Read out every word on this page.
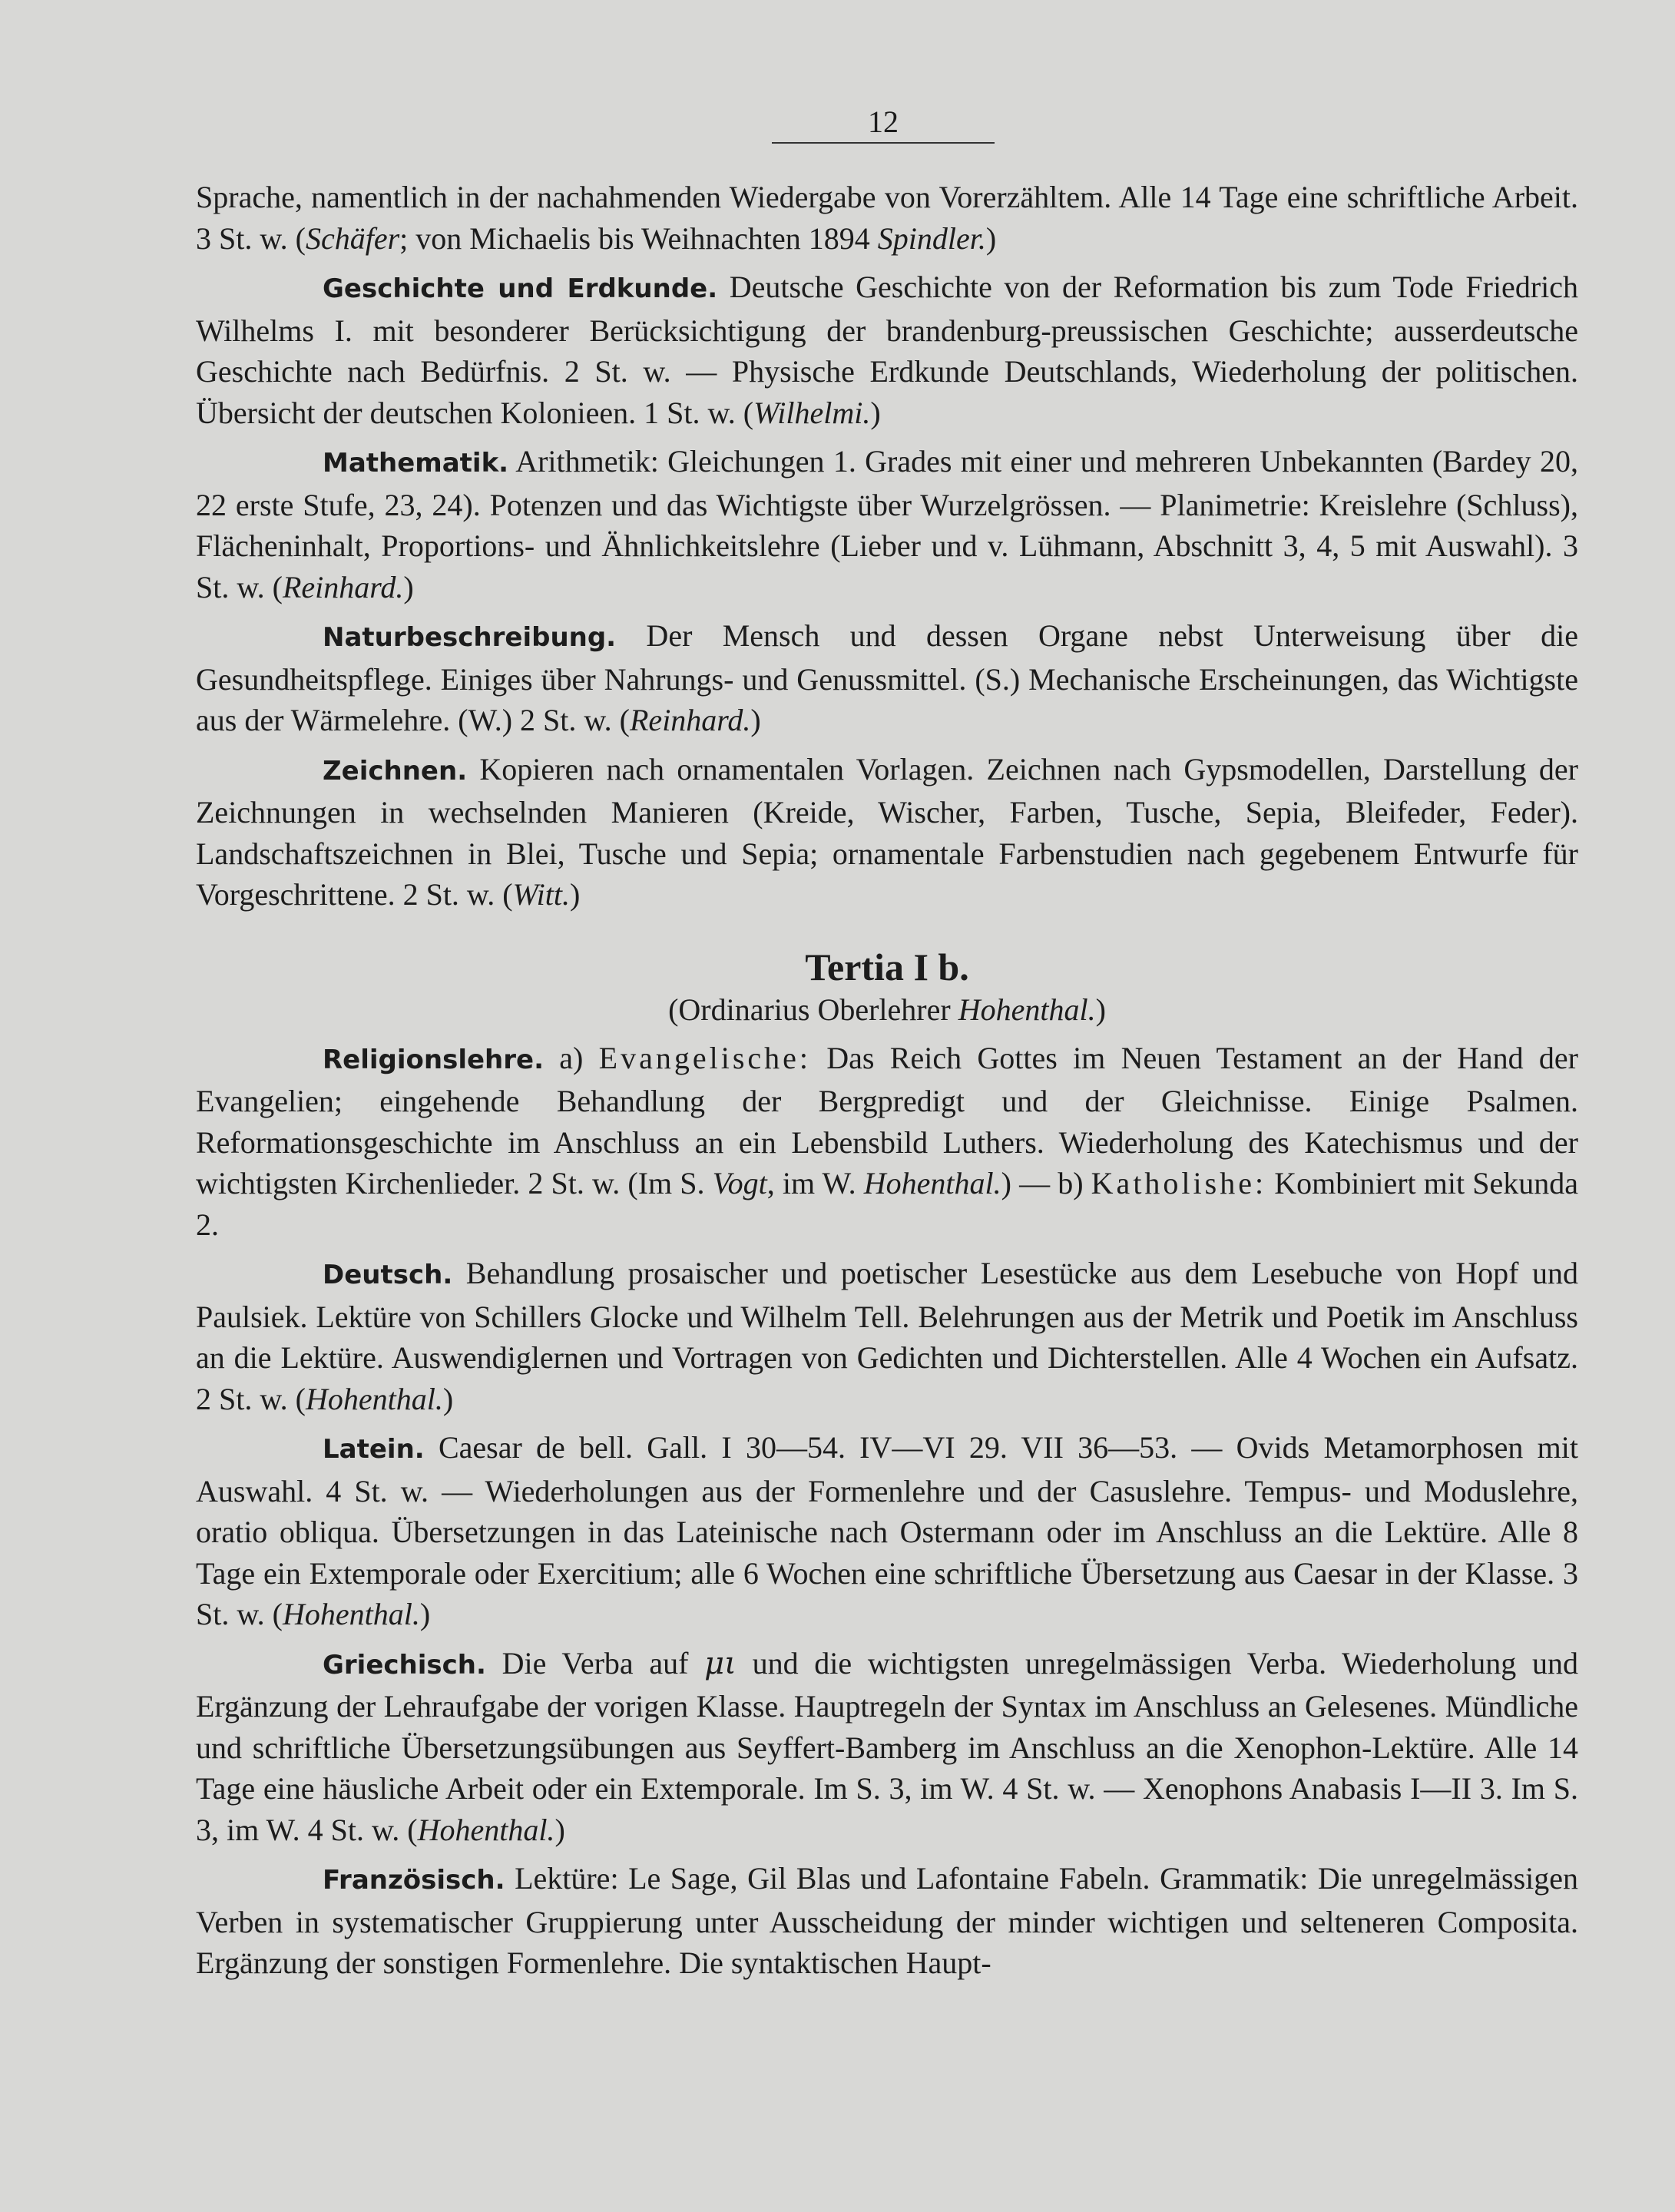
12

Sprache, namentlich in der nachahmenden Wiedergabe von Vorerzähltem. Alle 14 Tage eine schriftliche Arbeit. 3 St. w. (Schäfer; von Michaelis bis Weihnachten 1894 Spindler.)

Geschichte und Erdkunde. Deutsche Geschichte von der Reformation bis zum Tode Friedrich Wilhelms I. mit besonderer Berücksichtigung der brandenburg-preussischen Geschichte; ausserdeutsche Geschichte nach Bedürfnis. 2 St. w. — Physische Erdkunde Deutschlands, Wiederholung der politischen. Übersicht der deutschen Kolonieen. 1 St. w. (Wilhelmi.)

Mathematik. Arithmetik: Gleichungen 1. Grades mit einer und mehreren Unbekannten (Bardey 20, 22 erste Stufe, 23, 24). Potenzen und das Wichtigste über Wurzelgrössen. — Planimetrie: Kreislehre (Schluss), Flächeninhalt, Proportions- und Ähnlichkeitslehre (Lieber und v. Lühmann, Abschnitt 3, 4, 5 mit Auswahl). 3 St. w. (Reinhard.)

Naturbeschreibung. Der Mensch und dessen Organe nebst Unterweisung über die Gesundheitspflege. Einiges über Nahrungs- und Genussmittel. (S.) Mechanische Erscheinungen, das Wichtigste aus der Wärmelehre. (W.) 2 St. w. (Reinhard.)

Zeichnen. Kopieren nach ornamentalen Vorlagen. Zeichnen nach Gypsmodellen, Darstellung der Zeichnungen in wechselnden Manieren (Kreide, Wischer, Farben, Tusche, Sepia, Bleifeder, Feder). Landschaftszeichnen in Blei, Tusche und Sepia; ornamentale Farbenstudien nach gegebenem Entwurfe für Vorgeschrittene. 2 St. w. (Witt.)

Tertia I b.

(Ordinarius Oberlehrer Hohenthal.)

Religionslehre. a) Evangelische: Das Reich Gottes im Neuen Testament an der Hand der Evangelien; eingehende Behandlung der Bergpredigt und der Gleichnisse. Einige Psalmen. Reformationsgeschichte im Anschluss an ein Lebensbild Luthers. Wiederholung des Katechismus und der wichtigsten Kirchenlieder. 2 St. w. (Im S. Vogt, im W. Hohenthal.) — b) Katholishe: Kombiniert mit Sekunda 2.

Deutsch. Behandlung prosaischer und poetischer Lesestücke aus dem Lesebuche von Hopf und Paulsiek. Lektüre von Schillers Glocke und Wilhelm Tell. Belehrungen aus der Metrik und Poetik im Anschluss an die Lektüre. Auswendiglernen und Vortragen von Gedichten und Dichterstellen. Alle 4 Wochen ein Aufsatz. 2 St. w. (Hohenthal.)

Latein. Caesar de bell. Gall. I 30—54. IV—VI 29. VII 36—53. — Ovids Metamorphosen mit Auswahl. 4 St. w. — Wiederholungen aus der Formenlehre und der Casuslehre. Tempus- und Moduslehre, oratio obliqua. Übersetzungen in das Lateinische nach Ostermann oder im Anschluss an die Lektüre. Alle 8 Tage ein Extemporale oder Exercitium; alle 6 Wochen eine schriftliche Übersetzung aus Caesar in der Klasse. 3 St. w. (Hohenthal.)

Griechisch. Die Verba auf μι und die wichtigsten unregelmässigen Verba. Wiederholung und Ergänzung der Lehraufgabe der vorigen Klasse. Hauptregeln der Syntax im Anschluss an Gelesenes. Mündliche und schriftliche Übersetzungsübungen aus Seyffert-Bamberg im Anschluss an die Xenophon-Lektüre. Alle 14 Tage eine häusliche Arbeit oder ein Extemporale. Im S. 3, im W. 4 St. w. — Xenophons Anabasis I—II 3. Im S. 3, im W. 4 St. w. (Hohenthal.)

Französisch. Lektüre: Le Sage, Gil Blas und Lafontaine Fabeln. Grammatik: Die unregelmässigen Verben in systematischer Gruppierung unter Ausscheidung der minder wichtigen und selteneren Composita. Ergänzung der sonstigen Formenlehre. Die syntaktischen Haupt-
